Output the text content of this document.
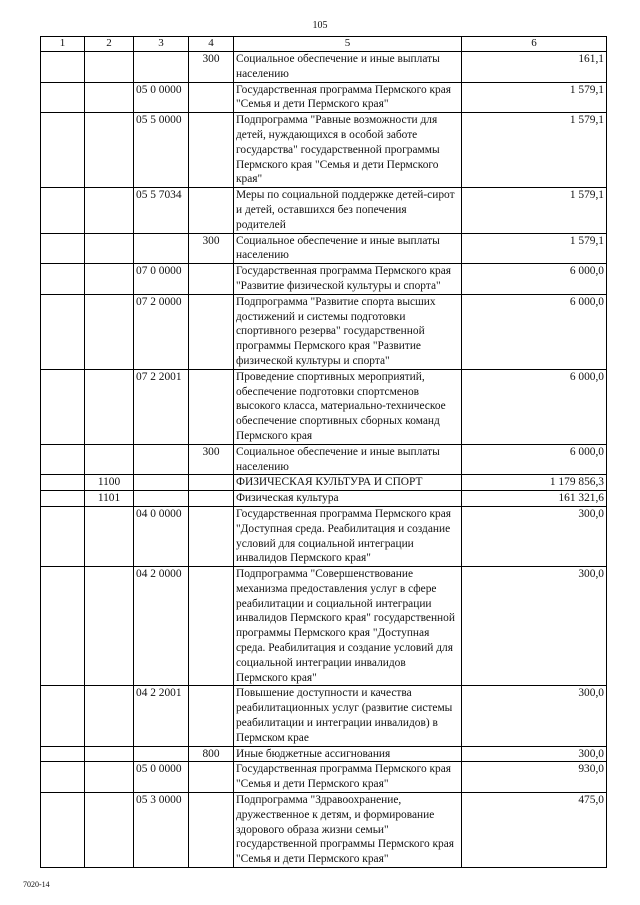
105
1	2	3	4	5	6
			300	Социальное обеспечение и иные выплаты населению	161,1
		05 0 0000		Государственная программа Пермского края "Семья и дети Пермского края"	1 579,1
		05 5 0000		Подпрограмма "Равные возможности для детей, нуждающихся в особой заботе государства" государственной программы Пермского края "Семья и дети Пермского края"	1 579,1
		05 5 7034		Меры по социальной поддержке детей-сирот и детей, оставшихся без попечения родителей	1 579,1
			300	Социальное обеспечение и иные выплаты населению	1 579,1
		07 0 0000		Государственная программа Пермского края "Развитие физической культуры и спорта"	6 000,0
		07 2 0000		Подпрограмма "Развитие спорта высших достижений и системы подготовки спортивного резерва" государственной программы Пермского края "Развитие физической культуры и спорта"	6 000,0
		07 2 2001		Проведение спортивных мероприятий, обеспечение подготовки спортсменов высокого класса, материально-техническое обеспечение спортивных сборных команд Пермского края	6 000,0
			300	Социальное обеспечение и иные выплаты населению	6 000,0
	1100			ФИЗИЧЕСКАЯ КУЛЬТУРА И СПОРТ	1 179 856,3
	1101			Физическая культура	161 321,6
		04 0 0000		Государственная программа Пермского края "Доступная среда. Реабилитация и создание условий для социальной интеграции инвалидов Пермского края"	300,0
		04 2 0000		Подпрограмма "Совершенствование механизма предоставления услуг в сфере реабилитации и социальной интеграции инвалидов Пермского края" государственной программы Пермского края "Доступная среда. Реабилитация и создание условий для социальной интеграции инвалидов Пермского края"	300,0
		04 2 2001		Повышение доступности и качества реабилитационных услуг (развитие системы реабилитации и интеграции инвалидов) в Пермском крае	300,0
			800	Иные бюджетные ассигнования	300,0
		05 0 0000		Государственная программа Пермского края "Семья и дети Пермского края"	930,0
		05 3 0000		Подпрограмма "Здравоохранение, дружественное к детям, и формирование здорового образа жизни семьи" государственной программы Пермского края "Семья и дети Пермского края"	475,0
7020-14
